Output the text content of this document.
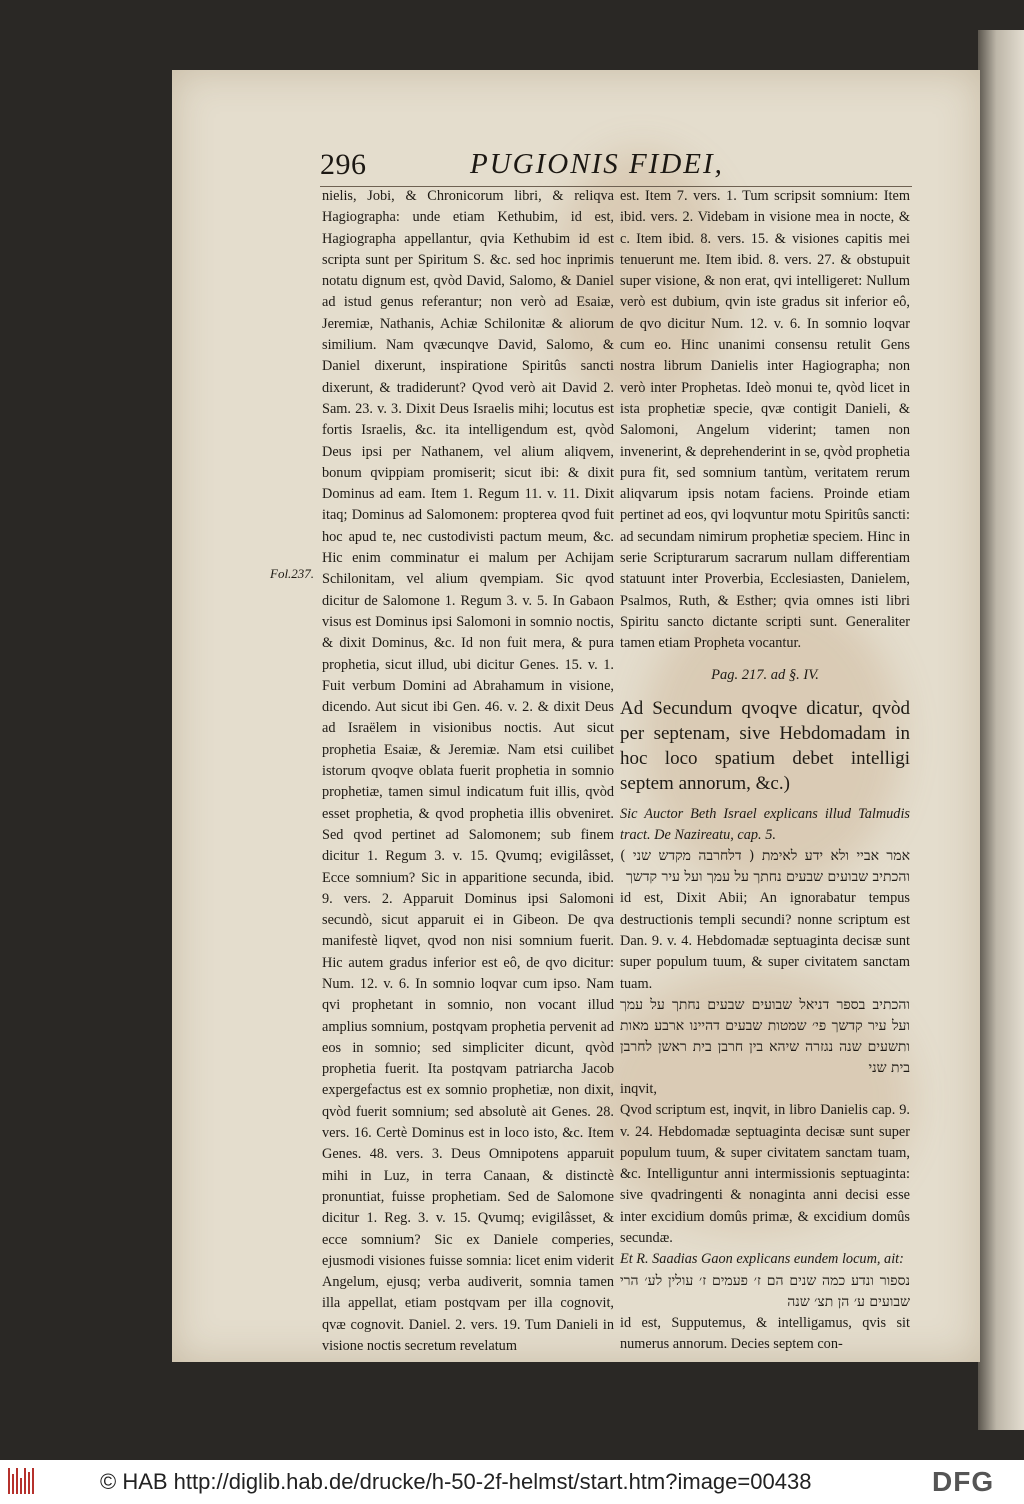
296	PUGIONIS FIDEI,
Fol.237.

nielis, Jobi, & Chronicorum libri, & reliqva Hagiographa: unde etiam Kethubim, id est, Hagiographa appellantur, qvia Kethubim id est scripta sunt per Spiritum S. &c. sed hoc inprimis notatu dignum est, qvòd David, Salomo, & Daniel ad istud genus referantur; non verò ad Esaiæ, Jeremiæ, Nathanis, Achiæ Schilonitæ & aliorum similium. Nam qvæcunqve David, Salomo, & Daniel dixerunt, inspiratione Spiritûs sancti dixerunt, & tradiderunt? Qvod verò ait David 2. Sam. 23. v. 3. Dixit Deus Israelis mihi; locutus est fortis Israelis, &c. ita intelligendum est, qvòd Deus ipsi per Nathanem, vel alium aliqvem, bonum qvippiam promiserit; sicut ibi: & dixit Dominus ad eam. Item 1. Regum 11. v. 11. Dixit itaq; Dominus ad Salomonem: propterea qvod fuit hoc apud te, nec custodivisti pactum meum, &c. Hic enim comminatur ei malum per Achijam Schilonitam, vel alium qvempiam. Sic qvod dicitur de Salomone 1. Regum 3. v. 5. In Gabaon visus est Dominus ipsi Salomoni in somnio noctis, & dixit Dominus, &c. Id non fuit mera, & pura prophetia, sicut illud, ubi dicitur Genes. 15. v. 1. Fuit verbum Domini ad Abrahamum in visione, dicendo. Aut sicut ibi Gen. 46. v. 2. & dixit Deus ad Israëlem in visionibus noctis. Aut sicut prophetia Esaiæ, & Jeremiæ. Nam etsi cuilibet istorum qvoqve oblata fuerit prophetia in somnio prophetiæ, tamen simul indicatum fuit illis, qvòd esset prophetia, & qvod prophetia illis obveniret. Sed qvod pertinet ad Salomonem; sub finem dicitur 1. Regum 3. v. 15. Qvumq; evigilâsset, Ecce somnium? Sic in apparitione secunda, ibid. 9. vers. 2. Apparuit Dominus ipsi Salomoni secundò, sicut apparuit ei in Gibeon. De qva manifestè liqvet, qvod non nisi somnium fuerit. Hic autem gradus inferior est eô, de qvo dicitur: Num. 12. v. 6. In somnio loqvar cum ipso. Nam qvi prophetant in somnio, non vocant illud amplius somnium, postqvam prophetia pervenit ad eos in somnio; sed simpliciter dicunt, qvòd prophetia fuerit. Ita postqvam patriarcha Jacob expergefactus est ex somnio prophetiæ, non dixit, qvòd fuerit somnium; sed absolutè ait Genes. 28. vers. 16. Certè Dominus est in loco isto, &c. Item Genes. 48. vers. 3. Deus Omnipotens apparuit mihi in Luz, in terra Canaan, & distinctè pronuntiat, fuisse prophetiam. Sed de Salomone dicitur 1. Reg. 3. v. 15. Qvumq; evigilâsset, & ecce somnium? Sic ex Daniele comperies, ejusmodi visiones fuisse somnia: licet enim viderit Angelum, ejusq; verba audiverit, somnia tamen illa appellat, etiam postqvam per illa cognovit, qvæ cognovit. Daniel. 2. vers. 19. Tum Danieli in visione noctis secretum revelatum

est. Item 7. vers. 1. Tum scripsit somnium: Item ibid. vers. 2. Videbam in visione mea in nocte, & c. Item ibid. 8. vers. 15. & visiones capitis mei tenuerunt me. Item ibid. 8. vers. 27. & obstupuit super visione, & non erat, qvi intelligeret: Nullum verò est dubium, qvin iste gradus sit inferior eô, de qvo dicitur Num. 12. v. 6. In somnio loqvar cum eo. Hinc unanimi consensu retulit Gens nostra librum Danielis inter Hagiographa; non verò inter Prophetas. Ideò monui te, qvòd licet in ista prophetiæ specie, qvæ contigit Danieli, & Salomoni, Angelum viderint; tamen non invenerint, & deprehenderint in se, qvòd prophetia pura fit, sed somnium tantùm, veritatem rerum aliqvarum ipsis notam faciens. Proinde etiam pertinet ad eos, qvi loqvuntur motu Spiritûs sancti: ad secundam nimirum prophetiæ speciem. Hinc in serie Scripturarum sacrarum nullam differentiam statuunt inter Proverbia, Ecclesiasten, Danielem, Psalmos, Ruth, & Esther; qvia omnes isti libri Spiritu sancto dictante scripti sunt. Generaliter tamen etiam Propheta vocantur.

Pag. 217. ad §. IV.

Ad Secundum qvoqve dicatur, qvòd per septenam, sive Hebdomadam in hoc loco spatium debet intelligi septem annorum, &c.)

Sic Auctor Beth Israel explicans illud Talmudis tract. De Nazireatu, cap. 5.

אמר אביי ולא ידע לאימת ( דלחרבה מקדש שני ) והכתיב שבועים שבעים נחתך על עמך ועל עיר קדשך

id est, Dixit Abii; An ignorabatur tempus destructionis templi secundi? nonne scriptum est Dan. 9. v. 4. Hebdomadæ septuaginta decisæ sunt super populum tuum, & super civitatem sanctam tuam.

והכתיב בספר דניאל שבועים שבעים נחתך על עמך ועל עיר קדשך פי׳ שמטות שבעים דהיינו ארבע מאות ותשעים שנה נגזרה שיהא בין חרבן בית ראשן לחרבן בית שני

inqvit,

Qvod scriptum est, inqvit, in libro Danielis cap. 9. v. 24. Hebdomadæ septuaginta decisæ sunt super populum tuum, & super civitatem sanctam tuam, &c. Intelliguntur anni intermissionis septuaginta: sive qvadringenti & nonaginta anni decisi esse inter excidium domûs primæ, & excidium domûs secundæ.

Et R. Saadias Gaon explicans eundem locum, ait:

נספור ונדע כמה שנים הם ז׳ פעמים ז׳ עולין לע׳ הרי שבועים ע׳ הן תצ׳ שנה

id est, Supputemus, & intelligamus, qvis sit numerus annorum. Decies septem con-

© HAB http://diglib.hab.de/drucke/h-50-2f-helmst/start.htm?image=00438	DFG
